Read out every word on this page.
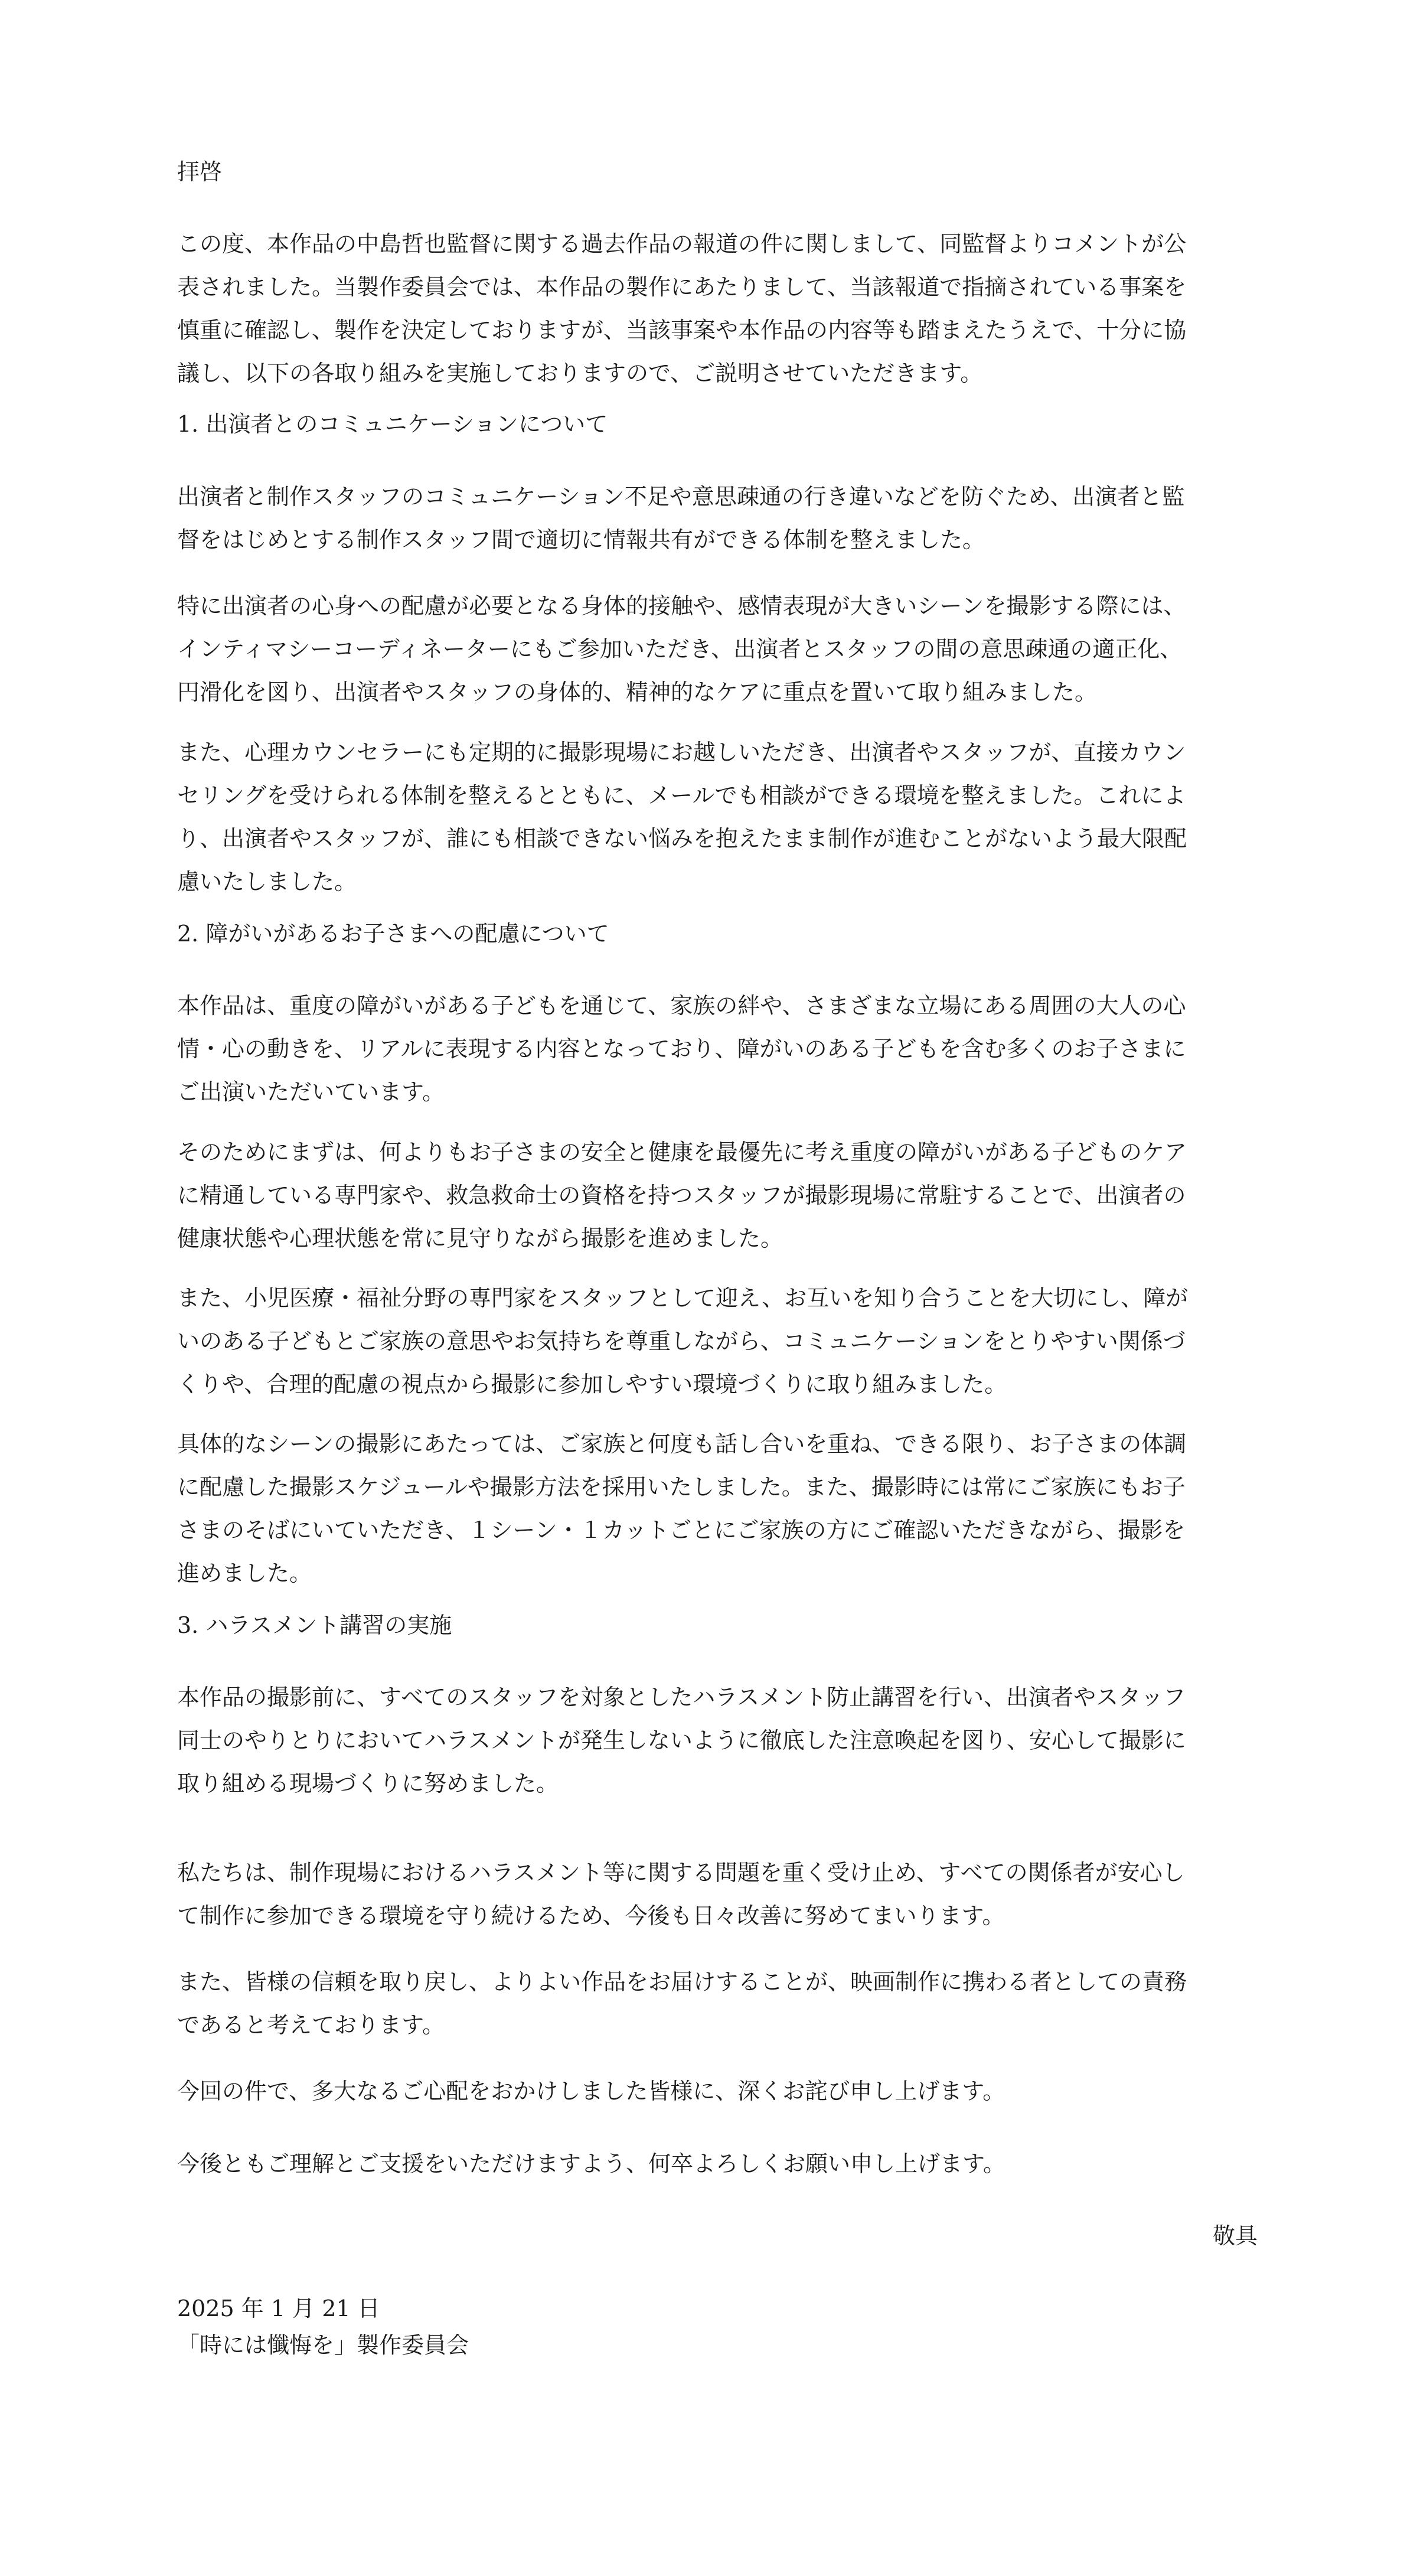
拝啓

この度、本作品の中島哲也監督に関する過去作品の報道の件に関しまして、同監督よりコメントが公

表されました。当製作委員会では、本作品の製作にあたりまして、当該報道で指摘されている事案を

慎重に確認し、製作を決定しておりますが、当該事案や本作品の内容等も踏まえたうえで、十分に協

議し、以下の各取り組みを実施しておりますので、ご説明させていただきます。

1. 出演者とのコミュニケーションについて

出演者と制作スタッフのコミュニケーション不足や意思疎通の行き違いなどを防ぐため、出演者と監

督をはじめとする制作スタッフ間で適切に情報共有ができる体制を整えました。

特に出演者の心身への配慮が必要となる身体的接触や、感情表現が大きいシーンを撮影する際には、

インティマシーコーディネーターにもご参加いただき、出演者とスタッフの間の意思疎通の適正化、

円滑化を図り、出演者やスタッフの身体的、精神的なケアに重点を置いて取り組みました。

また、心理カウンセラーにも定期的に撮影現場にお越しいただき、出演者やスタッフが、直接カウン

セリングを受けられる体制を整えるとともに、メールでも相談ができる環境を整えました。これによ

り、出演者やスタッフが、誰にも相談できない悩みを抱えたまま制作が進むことがないよう最大限配

慮いたしました。

2. 障がいがあるお子さまへの配慮について

本作品は、重度の障がいがある子どもを通じて、家族の絆や、さまざまな立場にある周囲の大人の心

情・心の動きを、リアルに表現する内容となっており、障がいのある子どもを含む多くのお子さまに

ご出演いただいています。

そのためにまずは、何よりもお子さまの安全と健康を最優先に考え重度の障がいがある子どものケア

に精通している専門家や、救急救命士の資格を持つスタッフが撮影現場に常駐することで、出演者の

健康状態や心理状態を常に見守りながら撮影を進めました。

また、小児医療・福祉分野の専門家をスタッフとして迎え、お互いを知り合うことを大切にし、障が

いのある子どもとご家族の意思やお気持ちを尊重しながら、コミュニケーションをとりやすい関係づ

くりや、合理的配慮の視点から撮影に参加しやすい環境づくりに取り組みました。

具体的なシーンの撮影にあたっては、ご家族と何度も話し合いを重ね、できる限り、お子さまの体調

に配慮した撮影スケジュールや撮影方法を採用いたしました。また、撮影時には常にご家族にもお子

さまのそばにいていただき、１シーン・１カットごとにご家族の方にご確認いただきながら、撮影を

進めました。

3. ハラスメント講習の実施

本作品の撮影前に、すべてのスタッフを対象としたハラスメント防止講習を行い、出演者やスタッフ

同士のやりとりにおいてハラスメントが発生しないように徹底した注意喚起を図り、安心して撮影に

取り組める現場づくりに努めました。

私たちは、制作現場におけるハラスメント等に関する問題を重く受け止め、すべての関係者が安心し

て制作に参加できる環境を守り続けるため、今後も日々改善に努めてまいります。

また、皆様の信頼を取り戻し、よりよい作品をお届けすることが、映画制作に携わる者としての責務

であると考えております。

今回の件で、多大なるご心配をおかけしました皆様に、深くお詫び申し上げます。

今後ともご理解とご支援をいただけますよう、何卒よろしくお願い申し上げます。

敬具

2025 年 1 月 21 日

「時には懺悔を」製作委員会
